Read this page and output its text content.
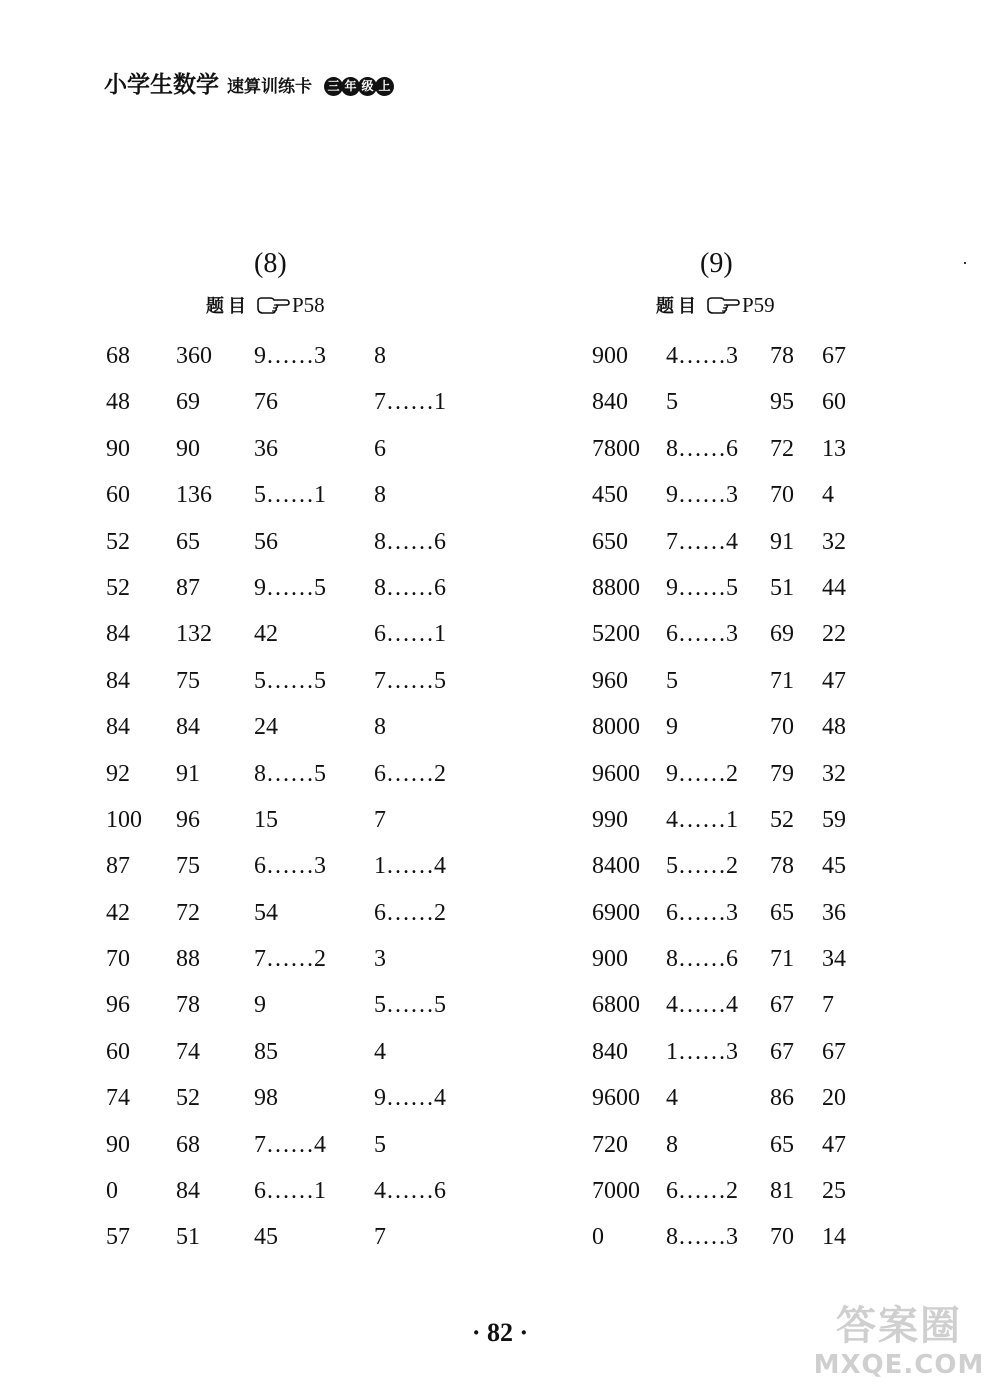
小学生数学 速算训练卡 三 年 级 上
(8)
题目 P58
68 360 9……3 8
48 69 76	7……1
90 90 36	6
60 136 5……1 8
52 65 56	8……6
52 87 9……5 8……6
84 132 42	6……1
84 75 5……5 7……5
84 84 24	8
92 91 8……5 6……2
100 96 15	7
87 75 6……3 1……4
42 72 54	6……2
70 88 7……2 3
96 78 9	5……5
60 74 85	4
74 52 98	9……4
90 68 7……4 5
0 84 6……1 4……6
57 51 45	7
(9)
题目 P59
900 4……3 78 67
840 5	95 60
7800 8……6 72 13
450 9……3 70 4
650 7……4 91 32
8800 9……5 51 44
5200 6……3 69 22
960 5	71 47
8000 9	70 48
9600 9……2 79 32
990 4……1 52 59
8400 5……2 78 45
6900 6……3 65 36
900 8……6 71 34
6800 4……4 67 7
840 1……3 67 67
9600 4	86 20
720 8	65 47
7000 6……2 81 25
0	8……3 70 14
· 82 ·	答案圈
MXQE.COM
